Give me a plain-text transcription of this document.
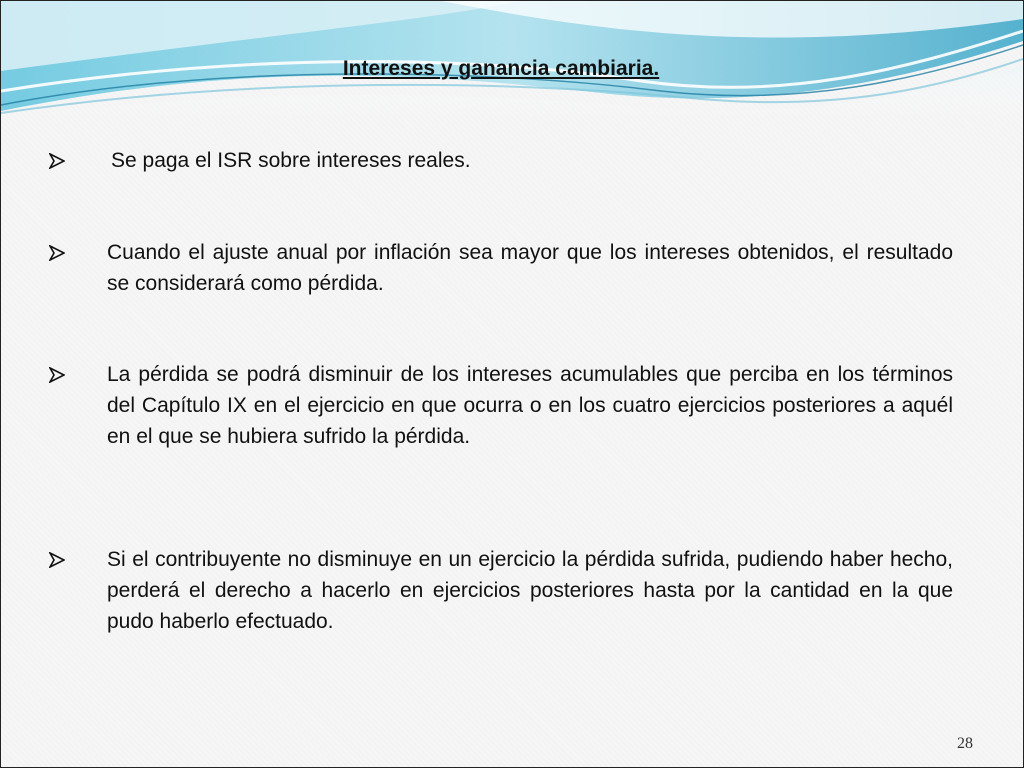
Intereses y ganancia cambiaria.
Se paga el ISR sobre intereses reales.
Cuando el ajuste anual por inflación sea mayor que los intereses obtenidos, el resultado se considerará como pérdida.
La pérdida se podrá disminuir de los intereses acumulables que perciba en los términos del Capítulo IX en el ejercicio en que ocurra o en los cuatro ejercicios posteriores a aquél en el que se hubiera sufrido la pérdida.
Si el contribuyente no disminuye en un ejercicio la pérdida sufrida, pudiendo haber hecho, perderá el derecho a hacerlo en ejercicios posteriores hasta por la cantidad en la que pudo haberlo efectuado.
28
